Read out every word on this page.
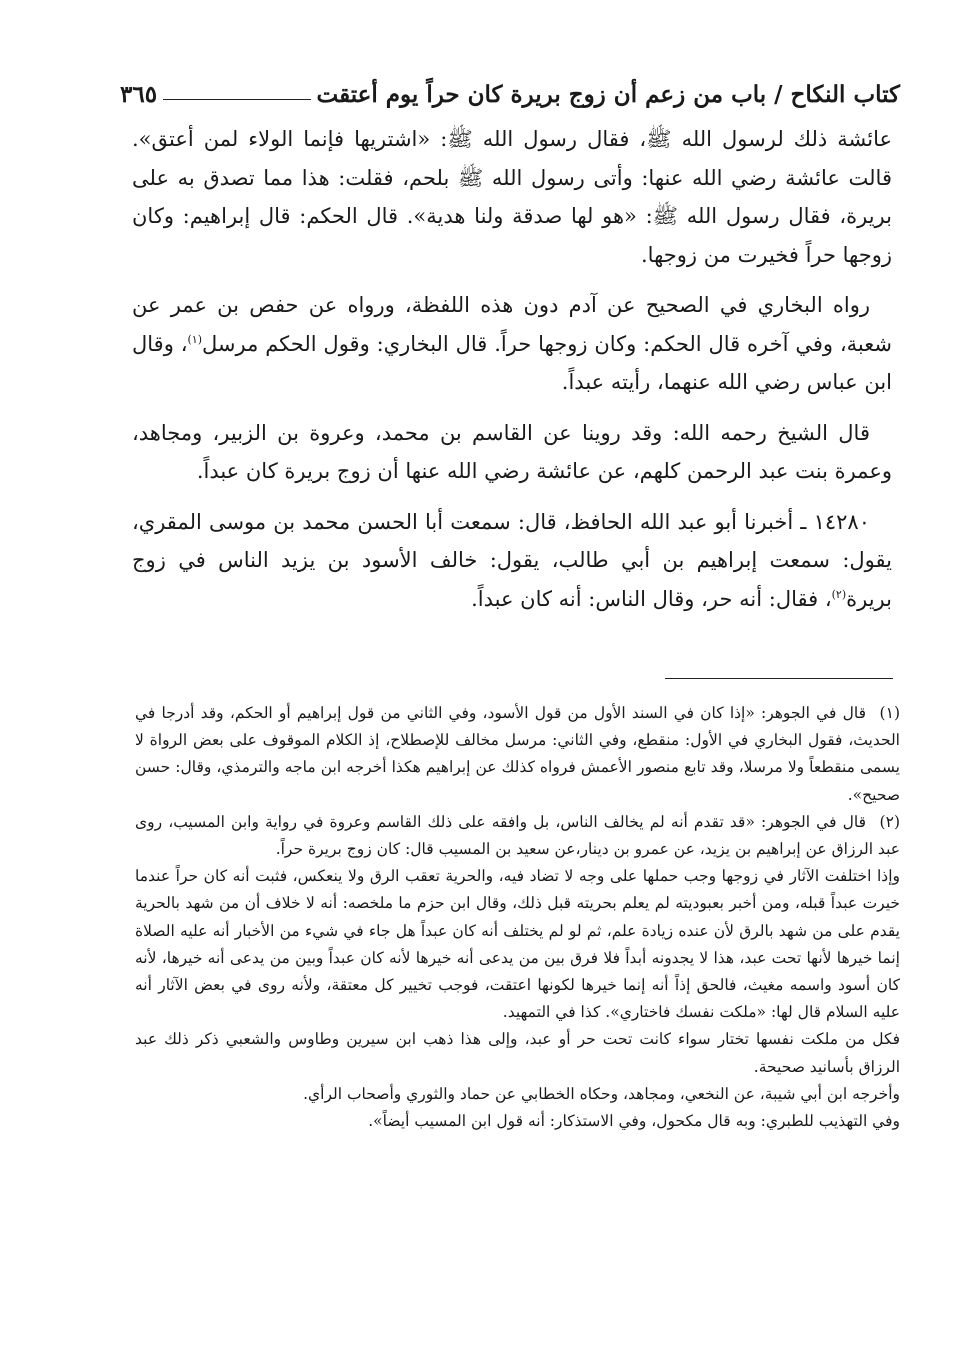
كتاب النكاح / باب من زعم أن زوج بريرة كان حراً يوم أعتقت
٣٦٥

عائشة ذلك لرسول الله ﷺ، فقال رسول الله ﷺ: «اشتريها فإنما الولاء لمن أعتق». قالت عائشة رضي الله عنها: وأتى رسول الله ﷺ بلحم، فقلت: هذا مما تصدق به على بريرة، فقال رسول الله ﷺ: «هو لها صدقة ولنا هدية». قال الحكم: قال إبراهيم: وكان زوجها حراً فخيرت من زوجها.

رواه البخاري في الصحيح عن آدم دون هذه اللفظة، ورواه عن حفص بن عمر عن شعبة، وفي آخره قال الحكم: وكان زوجها حراً. قال البخاري: وقول الحكم مرسل$^{(١)}$، وقال ابن عباس رضي الله عنهما، رأيته عبداً.

قال الشيخ رحمه الله: وقد روينا عن القاسم بن محمد، وعروة بن الزبير، ومجاهد، وعمرة بنت عبد الرحمن كلهم، عن عائشة رضي الله عنها أن زوج بريرة كان عبداً.

١٤٢٨٠ ـ أخبرنا أبو عبد الله الحافظ، قال: سمعت أبا الحسن محمد بن موسى المقري، يقول: سمعت إبراهيم بن أبي طالب، يقول: خالف الأسود بن يزيد الناس في زوج بريرة$^{(٢)}$، فقال: أنه حر، وقال الناس: أنه كان عبداً.

(١)قال في الجوهر: «إذا كان في السند الأول من قول الأسود، وفي الثاني من قول إبراهيم أو الحكم، وقد أدرجا في الحديث، فقول البخاري في الأول: منقطع، وفي الثاني: مرسل مخالف للإصطلاح، إذ الكلام الموقوف على بعض الرواة لا يسمى منقطعاً ولا مرسلا، وقد تابع منصور الأعمش فرواه كذلك عن إبراهيم هكذا أخرجه ابن ماجه والترمذي، وقال: حسن صحيح».

(٢)قال في الجوهر: «قد تقدم أنه لم يخالف الناس، بل وافقه على ذلك القاسم وعروة في رواية وابن المسيب، روى عبد الرزاق عن إبراهيم بن يزيد، عن عمرو بن دينار،عن سعيد بن المسيب قال: كان زوج بريرة حراً.

وإذا اختلفت الآثار في زوجها وجب حملها على وجه لا تضاد فيه، والحرية تعقب الرق ولا ينعكس، فثبت أنه كان حراً عندما خيرت عبداً قبله، ومن أخبر بعبوديته لم يعلم بحريته قبل ذلك، وقال ابن حزم ما ملخصه: أنه لا خلاف أن من شهد بالحرية يقدم على من شهد بالرق لأن عنده زيادة علم، ثم لو لم يختلف أنه كان عبداً هل جاء في شيء من الأخبار أنه عليه الصلاة إنما خيرها لأنها تحت عبد، هذا لا يجدونه أبداً فلا فرق بين من يدعى أنه خيرها لأنه كان عبداً وبين من يدعى أنه خيرها، لأنه كان أسود واسمه مغيث، فالحق إذاً أنه إنما خيرها لكونها اعتقت، فوجب تخيير كل معتقة، ولأنه روى في بعض الآثار أنه عليه السلام قال لها: «ملكت نفسك فاختاري». كذا في التمهيد.

فكل من ملكت نفسها تختار سواء كانت تحت حر أو عبد، وإلى هذا ذهب ابن سيرين وطاوس والشعبي ذكر ذلك عبد الرزاق بأسانيد صحيحة.

وأخرجه ابن أبي شيبة، عن النخعي، ومجاهد، وحكاه الخطابي عن حماد والثوري وأصحاب الرأي.

وفي التهذيب للطبري: وبه قال مكحول، وفي الاستذكار: أنه قول ابن المسيب أيضاً».
